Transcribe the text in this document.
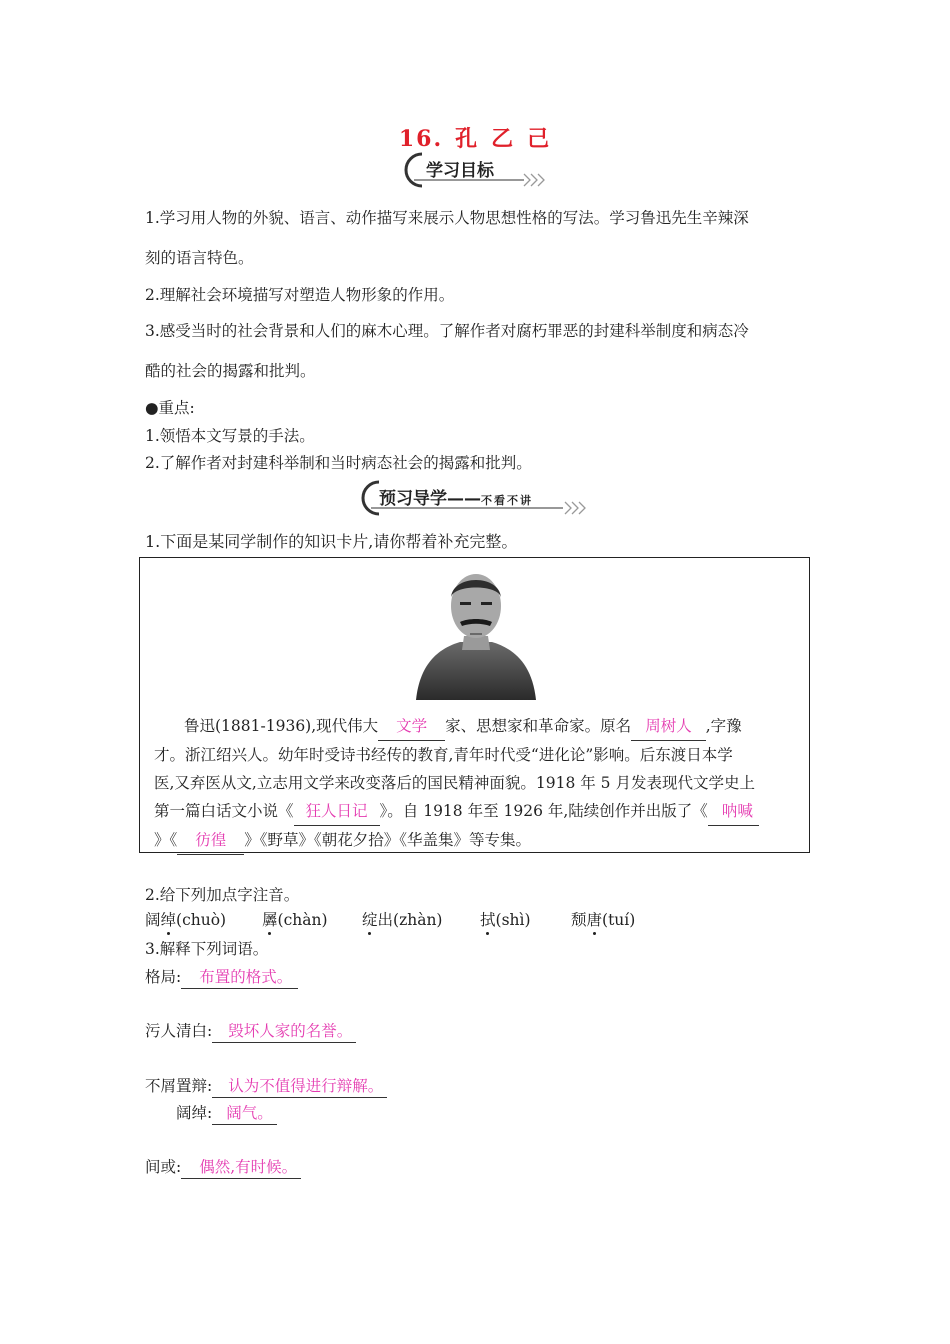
16. 孔 乙 己
学习目标
1.学习用人物的外貌、语言、动作描写来展示人物思想性格的写法。学习鲁迅先生辛辣深
刻的语言特色。
2.理解社会环境描写对塑造人物形象的作用。
3.感受当时的社会背景和人们的麻木心理。了解作者对腐朽罪恶的封建科举制度和病态冷
酷的社会的揭露和批判。
●重点:
1.领悟本文写景的手法。
2.了解作者对封建科举制和当时病态社会的揭露和批判。
预习导学——不看不讲
1.下面是某同学制作的知识卡片,请你帮着补充完整。
鲁迅(1881-1936),现代伟大 文学 家、思想家和革命家。原名 周树人 ,字豫
才。浙江绍兴人。幼年时受诗书经传的教育,青年时代受“进化论”影响。后东渡日本学
医,又弃医从文,立志用文学来改变落后的国民精神面貌。1918 年 5 月发表现代文学史上
第一篇白话文小说《 狂人日记 》。自 1918 年至 1926 年,陆续创作并出版了《 呐喊
》《 彷徨 》《野草》《朝花夕拾》《华盖集》等专集。
2.给下列加点字注音。
阔绰(chuò) 羼(chàn) 绽出(zhàn) 拭(shì)	颓唐(tuí)
3.解释下列词语。
格局: 布置的格式。
污人清白: 毁坏人家的名誉。
不屑置辩: 认为不值得进行辩解。
阔绰: 阔气。
间或: 偶然,有时候。
